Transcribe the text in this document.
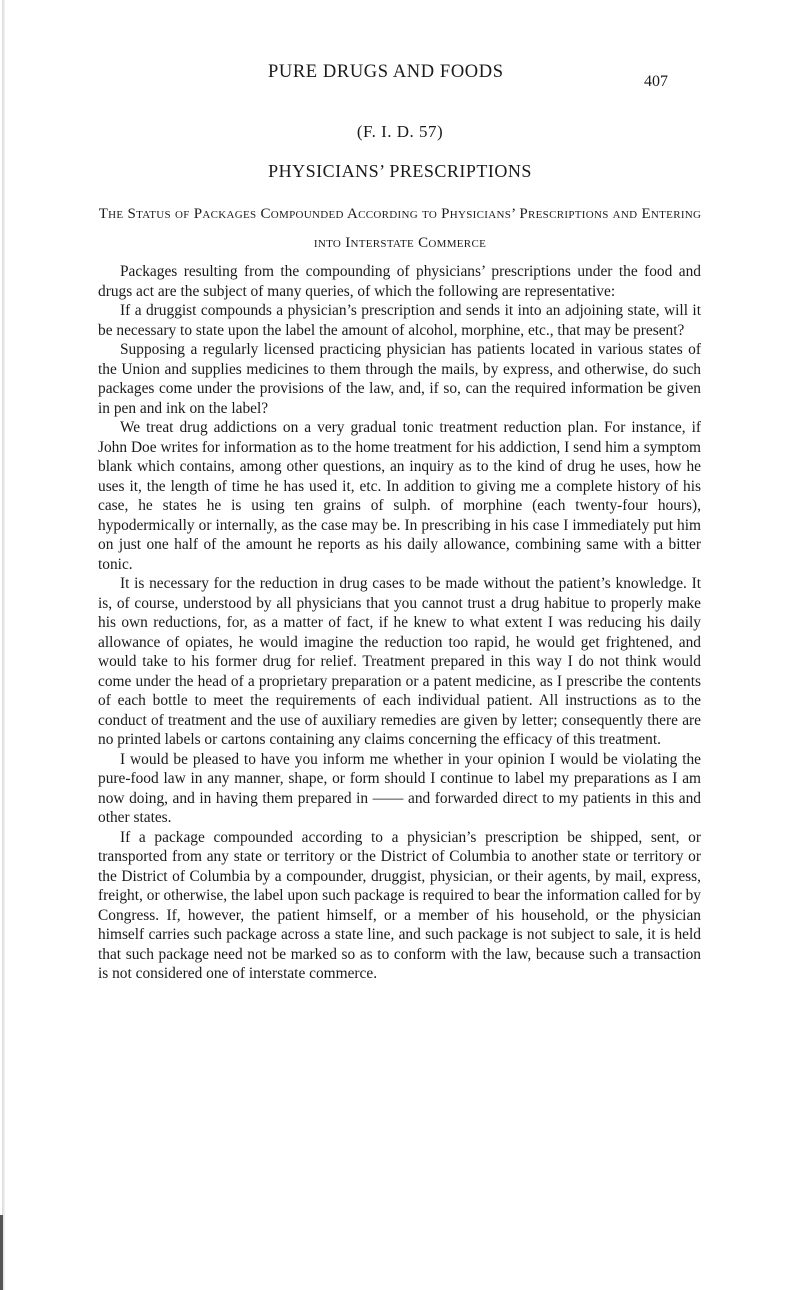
PURE DRUGS AND FOODS	407
(F. I. D. 57)
PHYSICIANS’ PRESCRIPTIONS
The Status of Packages Compounded According to Physicians’ Prescriptions and Entering into Interstate Commerce

Packages resulting from the compounding of physicians’ prescriptions under the food and drugs act are the subject of many queries, of which the following are representative:

If a druggist compounds a physician’s prescription and sends it into an adjoining state, will it be necessary to state upon the label the amount of alcohol, morphine, etc., that may be present?

Supposing a regularly licensed practicing physician has patients located in various states of the Union and supplies medicines to them through the mails, by express, and otherwise, do such packages come under the provisions of the law, and, if so, can the required information be given in pen and ink on the label?

We treat drug addictions on a very gradual tonic treatment reduction plan. For instance, if John Doe writes for information as to the home treatment for his addiction, I send him a symptom blank which contains, among other questions, an inquiry as to the kind of drug he uses, how he uses it, the length of time he has used it, etc. In addition to giving me a complete history of his case, he states he is using ten grains of sulph. of morphine (each twenty-four hours), hypodermically or internally, as the case may be. In prescribing in his case I immediately put him on just one half of the amount he reports as his daily allowance, combining same with a bitter tonic.

It is necessary for the reduction in drug cases to be made without the patient’s knowledge. It is, of course, understood by all physicians that you cannot trust a drug habitue to properly make his own reductions, for, as a matter of fact, if he knew to what extent I was reducing his daily allowance of opiates, he would imagine the reduction too rapid, he would get frightened, and would take to his former drug for relief. Treatment prepared in this way I do not think would come under the head of a proprietary preparation or a patent medicine, as I prescribe the contents of each bottle to meet the requirements of each individual patient. All instructions as to the conduct of treatment and the use of auxiliary remedies are given by letter; consequently there are no printed labels or cartons containing any claims concerning the efficacy of this treatment.

I would be pleased to have you inform me whether in your opinion I would be violating the pure-food law in any manner, shape, or form should I continue to label my preparations as I am now doing, and in having them prepared in —— and forwarded direct to my patients in this and other states.

If a package compounded according to a physician’s prescription be shipped, sent, or transported from any state or territory or the District of Columbia to another state or territory or the District of Columbia by a compounder, druggist, physician, or their agents, by mail, express, freight, or otherwise, the label upon such package is required to bear the information called for by Congress. If, however, the patient himself, or a member of his household, or the physician himself carries such package across a state line, and such package is not subject to sale, it is held that such package need not be marked so as to conform with the law, because such a transaction is not considered one of interstate commerce.
